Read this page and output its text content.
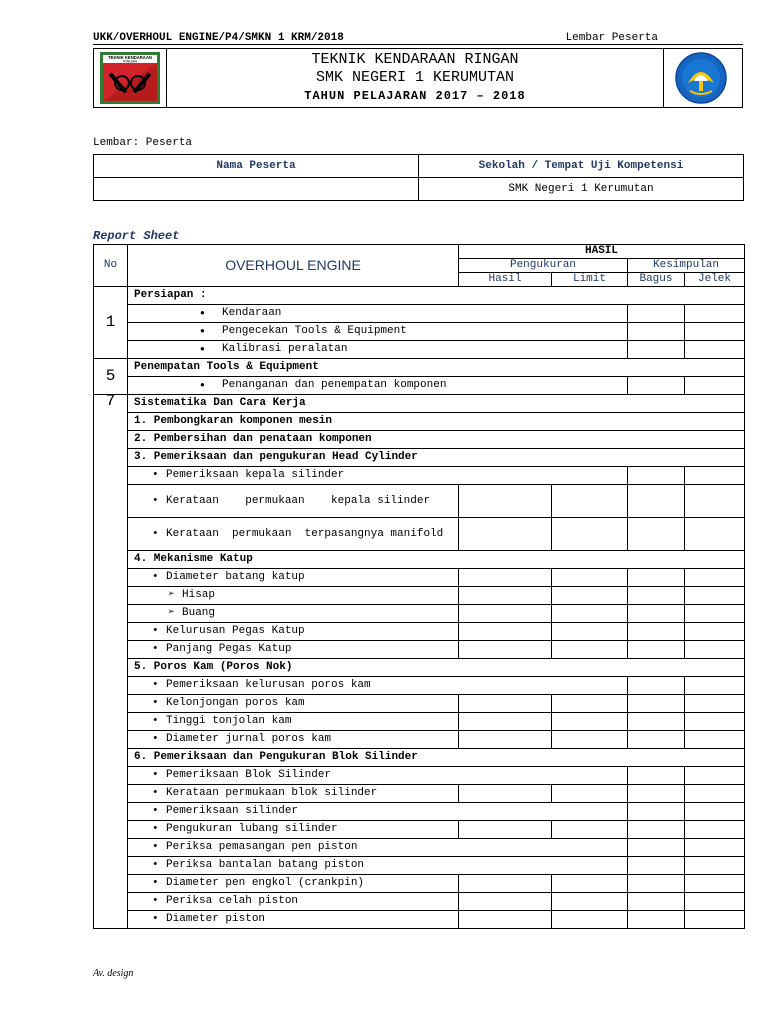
UKK/OVERHOUL ENGINE/P4/SMKN 1 KRM/2018	Lembar Peserta
TEKNIK KENDARAAN
RINGAN	TEKNIK KENDARAAN RINGAN
SMK NEGERI 1 KERUMUTAN
TAHUN PELAJARAN 2017 – 2018
Lembar: Peserta
Nama Peserta	Sekolah / Tempat Uji Kompetensi
	SMK Negeri 1 Kerumutan
Report Sheet
No	OVERHOUL ENGINE	HASIL			
		Pengukuran		Kesimpulan	
		Hasil	Limit	Bagus	Jelek
1	Persiapan :				
	● Kendaraan		
	● Pengecekan Tools & Equipment		
	● Kalibrasi peralatan		
5	Penempatan Tools & Equipment				
	● Penanganan dan penempatan komponen		
7	Sistematika Dan Cara Kerja				
	1. Pembongkaran komponen mesin				
	2. Pembersihan dan penataan komponen				
	3. Pemeriksaan dan pengukuran Head Cylinder				
	• Pemeriksaan kepala silinder		
	• Kerataan    permukaan    kepala silinder				
	• Kerataan  permukaan  terpasangnya manifold				
	4. Mekanisme Katup				
	• Diameter batang katup				
	➢ Hisap				
	➢ Buang				
	• Kelurusan Pegas Katup				
	• Panjang Pegas Katup				
	5. Poros Kam (Poros Nok)				
	• Pemeriksaan kelurusan poros kam		
	• Kelonjongan poros kam				
	• Tinggi tonjolan kam				
	• Diameter jurnal poros kam				
	6. Pemeriksaan dan Pengukuran Blok Silinder				
	• Pemeriksaan Blok Silinder		
	• Kerataan permukaan blok silinder				
	• Pemeriksaan silinder		
	• Pengukuran lubang silinder				
	• Periksa pemasangan pen piston		
	• Periksa bantalan batang piston		
	• Diameter pen engkol (crankpin)				
	• Periksa celah piston				
	• Diameter piston				
Av. design
